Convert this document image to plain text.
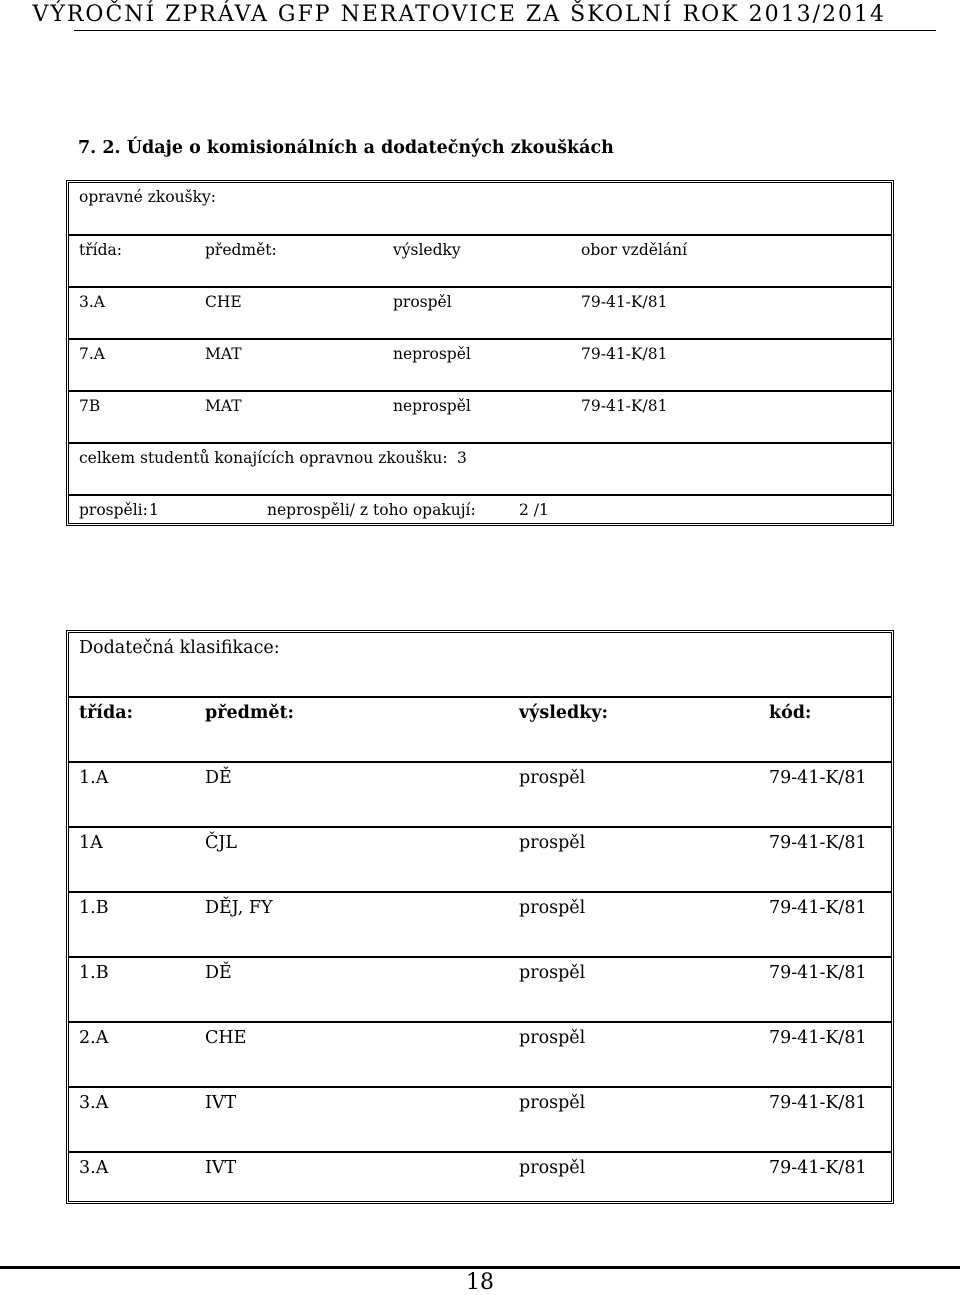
VÝROČNÍ ZPRÁVA GFP NERATOVICE ZA ŠKOLNÍ ROK 2013/2014
7. 2. Údaje o komisionálních a dodatečných zkouškách
opravné zkoušky:
třída:	předmět:	výsledky	obor vzdělání
3.A	CHE	prospěl	79-41-K/81
7.A	MAT	neprospěl	79-41-K/81
7B	MAT	neprospěl	79-41-K/81
celkem studentů konajících opravnou zkoušku: 3
prospěli: 1	neprospěli/ z toho opakují:	2 /1
Dodatečná klasifikace:
třída:	předmět:	výsledky:	kód:
1.A	DĚ	prospěl	79-41-K/81
1A	ČJL	prospěl	79-41-K/81
1.B	DĚJ, FY	prospěl	79-41-K/81
1.B	DĚ	prospěl	79-41-K/81
2.A	CHE	prospěl	79-41-K/81
3.A	IVT	prospěl	79-41-K/81
3.A	IVT	prospěl	79-41-K/81
18
